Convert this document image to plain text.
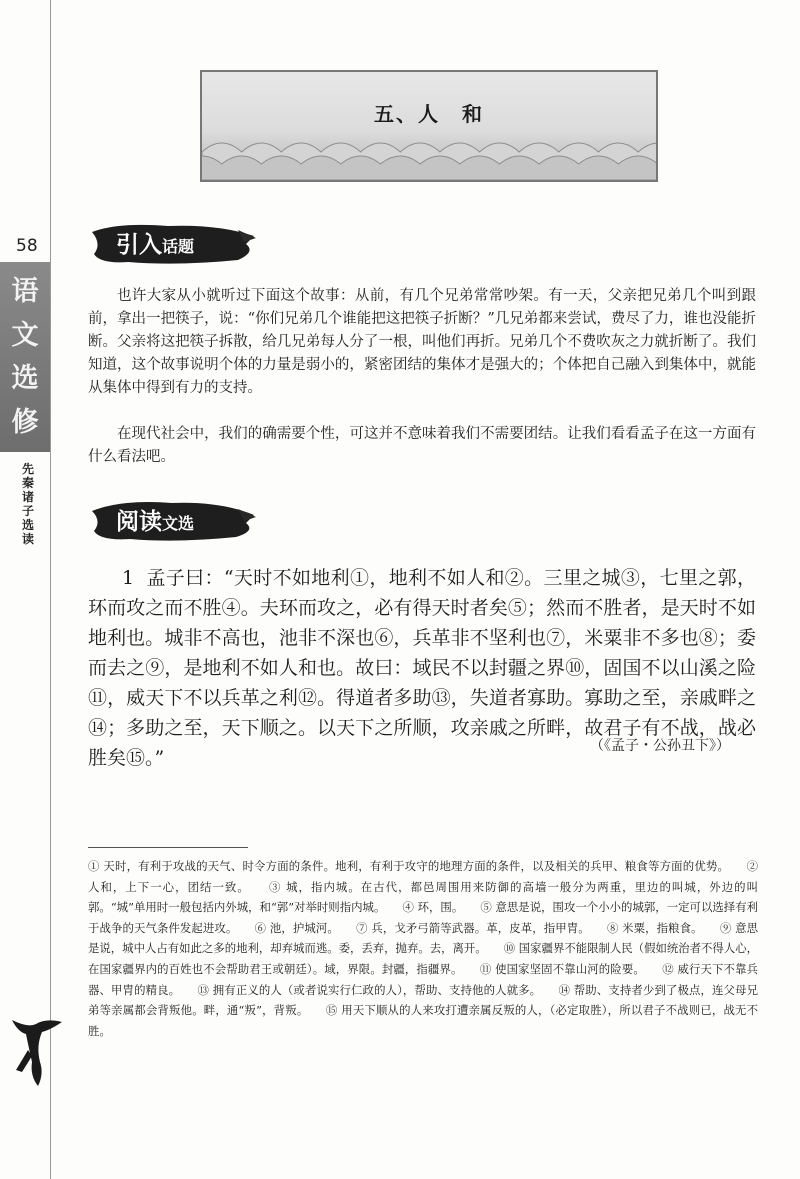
58
语
文
选
修
先
秦
诸
子
选
读
五、人　和
引入话题

也许大家从小就听过下面这个故事：从前，有几个兄弟常常吵架。有一天，父亲把兄弟几个叫到跟前，拿出一把筷子，说：“你们兄弟几个谁能把这把筷子折断？”几兄弟都来尝试，费尽了力，谁也没能折断。父亲将这把筷子拆散，给几兄弟每人分了一根，叫他们再折。兄弟几个不费吹灰之力就折断了。我们知道，这个故事说明个体的力量是弱小的，紧密团结的集体才是强大的；个体把自己融入到集体中，就能从集体中得到有力的支持。

在现代社会中，我们的确需要个性，可这并不意味着我们不需要团结。让我们看看孟子在这一方面有什么看法吧。

阅读文选

1 孟子曰：“天时不如地利①，地利不如人和②。三里之城③，七里之郭，环而攻之而不胜④。夫环而攻之，必有得天时者矣⑤；然而不胜者，是天时不如地利也。城非不高也，池非不深也⑥，兵革非不坚利也⑦，米粟非不多也⑧；委而去之⑨，是地利不如人和也。故曰：域民不以封疆之界⑩，固国不以山溪之险⑪，威天下不以兵革之利⑫。得道者多助⑬，失道者寡助。寡助之至，亲戚畔之⑭；多助之至，天下顺之。以天下之所顺，攻亲戚之所畔，故君子有不战，战必胜矣⑮。”

（《孟子・公孙丑下》）

① 天时，有利于攻战的天气、时令方面的条件。地利，有利于攻守的地理方面的条件，以及相关的兵甲、粮食等方面的优势。　　② 人和，上下一心，团结一致。　　③ 城，指内城。在古代，都邑周围用来防御的高墙一般分为两重，里边的叫城，外边的叫郭。“城”单用时一般包括内外城，和“郭”对举时则指内城。　　④ 环，围。　　⑤ 意思是说，围攻一个小小的城郭，一定可以选择有利于战争的天气条件发起进攻。　　⑥ 池，护城河。　　⑦ 兵，戈矛弓箭等武器。革，皮革，指甲胄。　　⑧ 米粟，指粮食。　　⑨ 意思是说，城中人占有如此之多的地利，却弃城而逃。委，丢弃，抛弃。去，离开。　　⑩ 国家疆界不能限制人民（假如统治者不得人心，在国家疆界内的百姓也不会帮助君王或朝廷）。域，界限。封疆，指疆界。　　⑪ 使国家坚固不靠山河的险要。　　⑫ 威行天下不靠兵器、甲胄的精良。　　⑬ 拥有正义的人（或者说实行仁政的人），帮助、支持他的人就多。　　⑭ 帮助、支持者少到了极点，连父母兄弟等亲属都会背叛他。畔，通“叛”，背叛。　　⑮ 用天下顺从的人来攻打遭亲属反叛的人，（必定取胜），所以君子不战则已，战无不胜。
